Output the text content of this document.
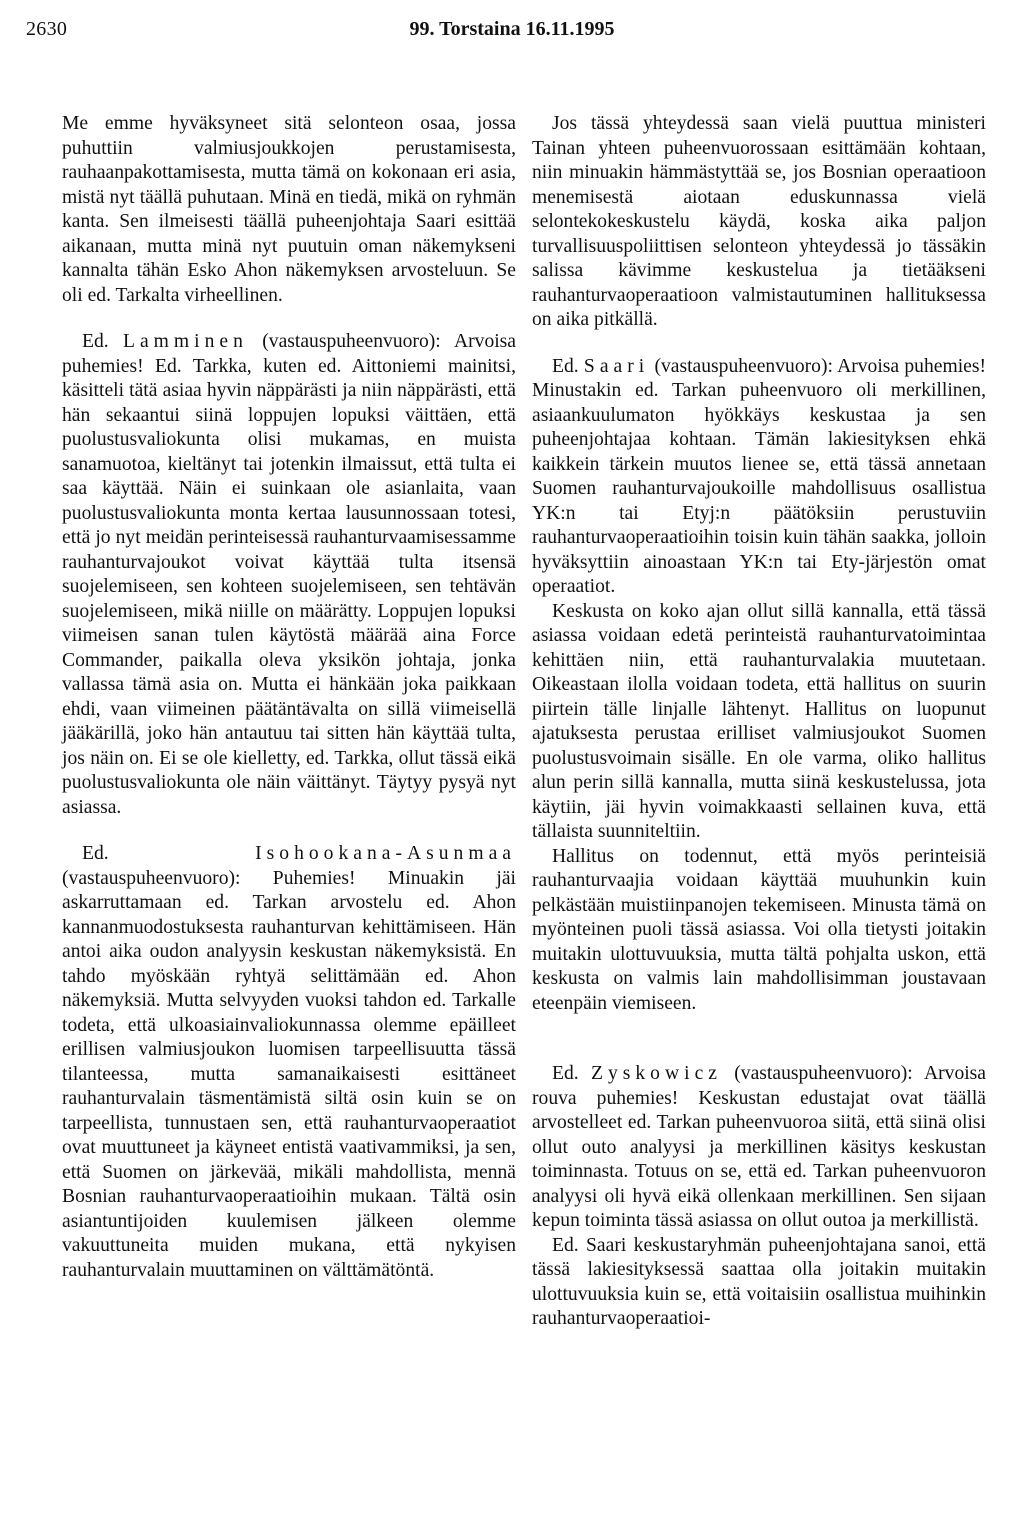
2630	99. Torstaina 16.11.1995

Me emme hyväksyneet sitä selonteon osaa, jossa puhuttiin valmiusjoukkojen perustamisesta, rauhaanpakottamisesta, mutta tämä on kokonaan eri asia, mistä nyt täällä puhutaan. Minä en tiedä, mikä on ryhmän kanta. Sen ilmeisesti täällä puheenjohtaja Saari esittää aikanaan, mutta minä nyt puutuin oman näkemykseni kannalta tähän Esko Ahon näkemyksen arvosteluun. Se oli ed. Tarkalta virheellinen.

Ed. Lamminen (vastauspuheenvuoro): Arvoisa puhemies! Ed. Tarkka, kuten ed. Aittoniemi mainitsi, käsitteli tätä asiaa hyvin näppärästi ja niin näppärästi, että hän sekaantui siinä loppujen lopuksi väittäen, että puolustusvaliokunta olisi mukamas, en muista sanamuotoa, kieltänyt tai jotenkin ilmaissut, että tulta ei saa käyttää. Näin ei suinkaan ole asianlaita, vaan puolustusvaliokunta monta kertaa lausunnossaan totesi, että jo nyt meidän perinteisessä rauhanturvaamisessamme rauhanturvajoukot voivat käyttää tulta itsensä suojelemiseen, sen kohteen suojelemiseen, sen tehtävän suojelemiseen, mikä niille on määrätty. Loppujen lopuksi viimeisen sanan tulen käytöstä määrää aina Force Commander, paikalla oleva yksikön johtaja, jonka vallassa tämä asia on. Mutta ei hänkään joka paikkaan ehdi, vaan viimeinen päätäntävalta on sillä viimeisellä jääkärillä, joko hän antautuu tai sitten hän käyttää tulta, jos näin on. Ei se ole kielletty, ed. Tarkka, ollut tässä eikä puolustusvaliokunta ole näin väittänyt. Täytyy pysyä nyt asiassa.

Ed. Isohookana-Asunmaa (vastauspuheenvuoro): Puhemies! Minuakin jäi askarruttamaan ed. Tarkan arvostelu ed. Ahon kannanmuodostuksesta rauhanturvan kehittämiseen. Hän antoi aika oudon analyysin keskustan näkemyksistä. En tahdo myöskään ryhtyä selittämään ed. Ahon näkemyksiä. Mutta selvyyden vuoksi tahdon ed. Tarkalle todeta, että ulkoasiainvaliokunnassa olemme epäilleet erillisen valmiusjoukon luomisen tarpeellisuutta tässä tilanteessa, mutta samanaikaisesti esittäneet rauhanturvalain täsmentämistä siltä osin kuin se on tarpeellista, tunnustaen sen, että rauhanturvaoperaatiot ovat muuttuneet ja käyneet entistä vaativammiksi, ja sen, että Suomen on järkevää, mikäli mahdollista, mennä Bosnian rauhanturvaoperaatioihin mukaan. Tältä osin asiantuntijoiden kuulemisen jälkeen olemme vakuuttuneita muiden mukana, että nykyisen rauhanturvalain muuttaminen on välttämätöntä.

Jos tässä yhteydessä saan vielä puuttua ministeri Tainan yhteen puheenvuorossaan esittämään kohtaan, niin minuakin hämmästyttää se, jos Bosnian operaatioon menemisestä aiotaan eduskunnassa vielä selontekokeskustelu käydä, koska aika paljon turvallisuuspoliittisen selonteon yhteydessä jo tässäkin salissa kävimme keskustelua ja tietääkseni rauhanturvaoperaatioon valmistautuminen hallituksessa on aika pitkällä.

Ed. Saari (vastauspuheenvuoro): Arvoisa puhemies! Minustakin ed. Tarkan puheenvuoro oli merkillinen, asiaankuulumaton hyökkäys keskustaa ja sen puheenjohtajaa kohtaan. Tämän lakiesityksen ehkä kaikkein tärkein muutos lienee se, että tässä annetaan Suomen rauhanturvajoukoille mahdollisuus osallistua YK:n tai Etyj:n päätöksiin perustuviin rauhanturvaoperaatioihin toisin kuin tähän saakka, jolloin hyväksyttiin ainoastaan YK:n tai Ety-järjestön omat operaatiot.

Keskusta on koko ajan ollut sillä kannalla, että tässä asiassa voidaan edetä perinteistä rauhanturvatoimintaa kehittäen niin, että rauhanturvalakia muutetaan. Oikeastaan ilolla voidaan todeta, että hallitus on suurin piirtein tälle linjalle lähtenyt. Hallitus on luopunut ajatuksesta perustaa erilliset valmiusjoukot Suomen puolustusvoimain sisälle. En ole varma, oliko hallitus alun perin sillä kannalla, mutta siinä keskustelussa, jota käytiin, jäi hyvin voimakkaasti sellainen kuva, että tällaista suunniteltiin.

Hallitus on todennut, että myös perinteisiä rauhanturvaajia voidaan käyttää muuhunkin kuin pelkästään muistiinpanojen tekemiseen. Minusta tämä on myönteinen puoli tässä asiassa. Voi olla tietysti joitakin muitakin ulottuvuuksia, mutta tältä pohjalta uskon, että keskusta on valmis lain mahdollisimman joustavaan eteenpäin viemiseen.

Ed. Zyskowicz (vastauspuheenvuoro): Arvoisa rouva puhemies! Keskustan edustajat ovat täällä arvostelleet ed. Tarkan puheenvuoroa siitä, että siinä olisi ollut outo analyysi ja merkillinen käsitys keskustan toiminnasta. Totuus on se, että ed. Tarkan puheenvuoron analyysi oli hyvä eikä ollenkaan merkillinen. Sen sijaan kepun toiminta tässä asiassa on ollut outoa ja merkillistä.

Ed. Saari keskustaryhmän puheenjohtajana sanoi, että tässä lakiesityksessä saattaa olla joitakin muitakin ulottuvuuksia kuin se, että voitaisiin osallistua muihinkin rauhanturvaoperaatioi-
